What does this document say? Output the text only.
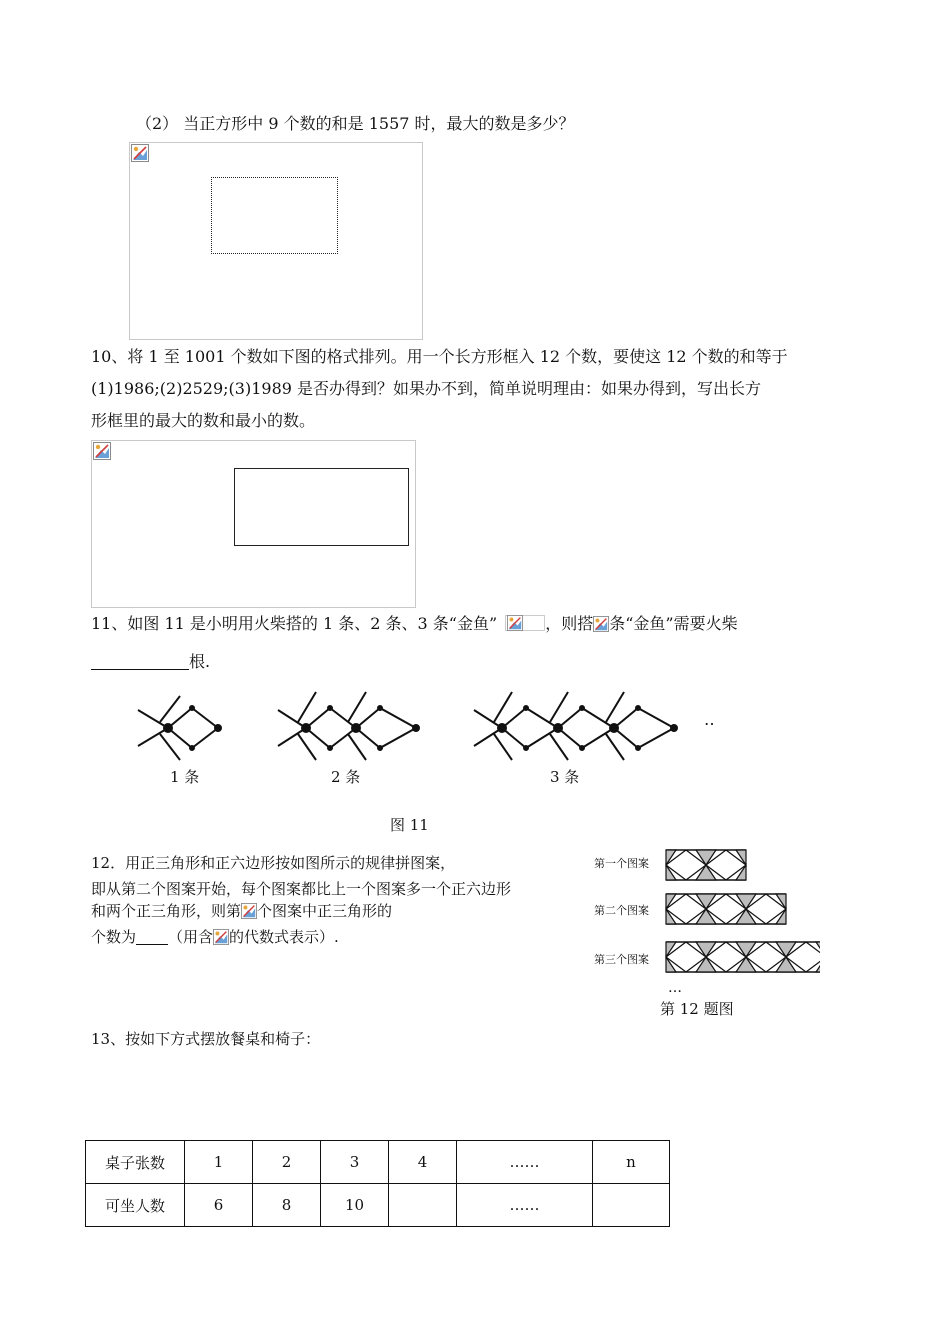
（2） 当正方形中 9 个数的和是 1557 时，最大的数是多少？
10、将 1 至 1001 个数如下图的格式排列。用一个长方形框入 12 个数，要使这 12 个数的和等于
(1)1986;(2)2529;(3)1989 是否办得到？如果办不到，简单说明理由：如果办得到，写出长方
形框里的最大的数和最小的数。
11、如图 11 是小明用火柴搭的 1 条、2 条、3 条“金鱼”	，则搭 条“金鱼”需要火柴
根.
‥
1 条	2 条	3 条
图 11
12．用正三角形和正六边形按如图所示的规律拼图案，
即从第二个图案开始，每个图案都比上一个图案多一个正六边形
和两个正三角形，则第 个图案中正三角形的
个数为 （用含 的代数式表示）.
第一个图案
第二个图案
第三个图案
…
第 12 题图
13、按如下方式摆放餐桌和椅子：
桌子张数	1	2	3	4	……	n
可坐人数	6	8	10		……	
